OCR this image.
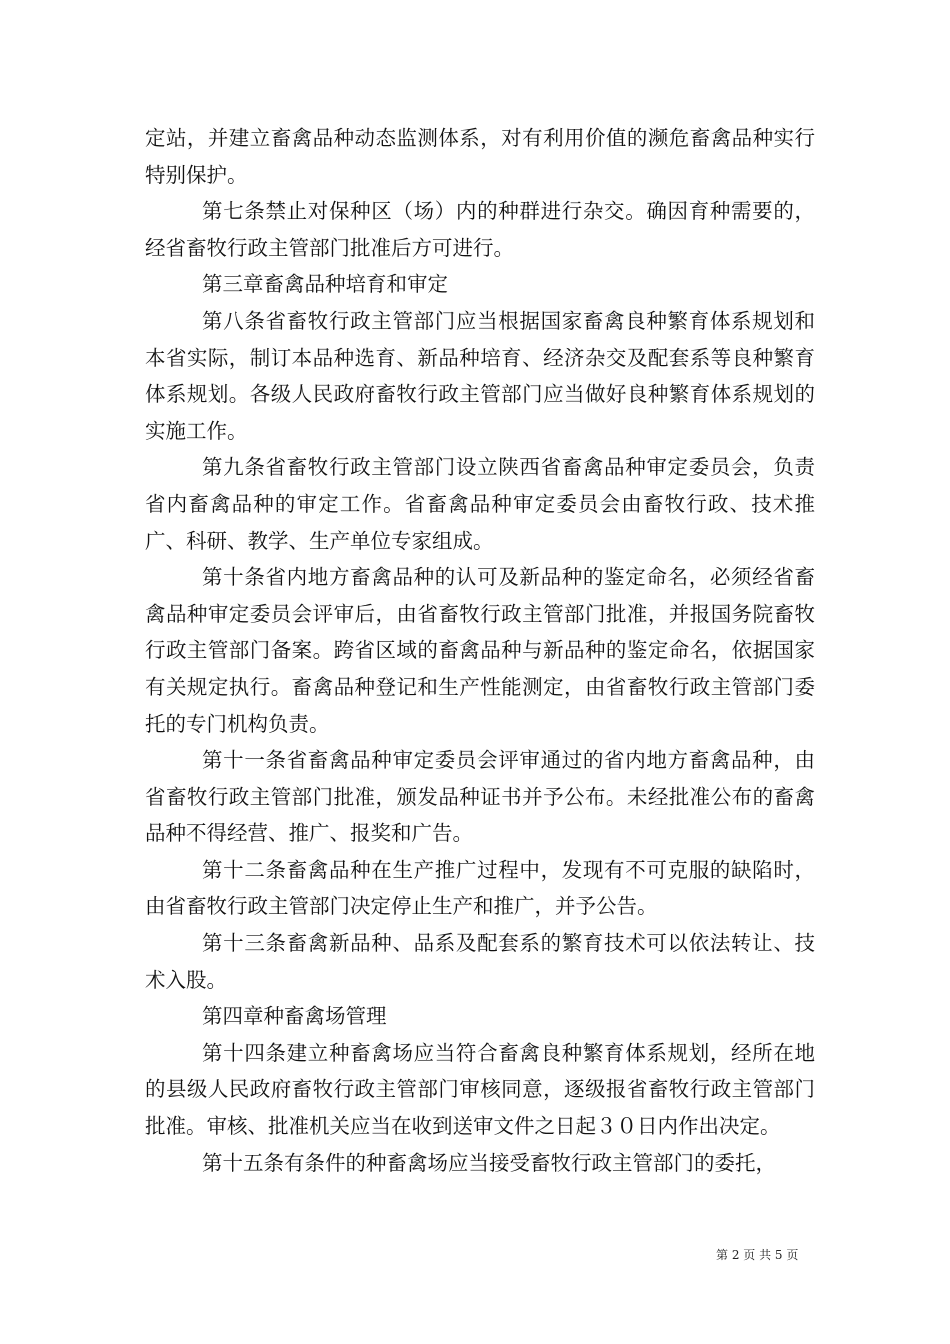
定站，并建立畜禽品种动态监测体系，对有利用价值的濒危畜禽品种实行特别保护。

第七条禁止对保种区（场）内的种群进行杂交。确因育种需要的，经省畜牧行政主管部门批准后方可进行。

第三章畜禽品种培育和审定

第八条省畜牧行政主管部门应当根据国家畜禽良种繁育体系规划和本省实际，制订本品种选育、新品种培育、经济杂交及配套系等良种繁育体系规划。各级人民政府畜牧行政主管部门应当做好良种繁育体系规划的实施工作。

第九条省畜牧行政主管部门设立陕西省畜禽品种审定委员会，负责省内畜禽品种的审定工作。省畜禽品种审定委员会由畜牧行政、技术推广、科研、教学、生产单位专家组成。

第十条省内地方畜禽品种的认可及新品种的鉴定命名，必须经省畜禽品种审定委员会评审后，由省畜牧行政主管部门批准，并报国务院畜牧行政主管部门备案。跨省区域的畜禽品种与新品种的鉴定命名，依据国家有关规定执行。畜禽品种登记和生产性能测定，由省畜牧行政主管部门委托的专门机构负责。

第十一条省畜禽品种审定委员会评审通过的省内地方畜禽品种，由省畜牧行政主管部门批准，颁发品种证书并予公布。未经批准公布的畜禽品种不得经营、推广、报奖和广告。

第十二条畜禽品种在生产推广过程中，发现有不可克服的缺陷时，由省畜牧行政主管部门决定停止生产和推广，并予公告。

第十三条畜禽新品种、品系及配套系的繁育技术可以依法转让、技术入股。

第四章种畜禽场管理

第十四条建立种畜禽场应当符合畜禽良种繁育体系规划，经所在地的县级人民政府畜牧行政主管部门审核同意，逐级报省畜牧行政主管部门批准。审核、批准机关应当在收到送审文件之日起３０日内作出决定。

第十五条有条件的种畜禽场应当接受畜牧行政主管部门的委托，

第 2 页 共 5 页
